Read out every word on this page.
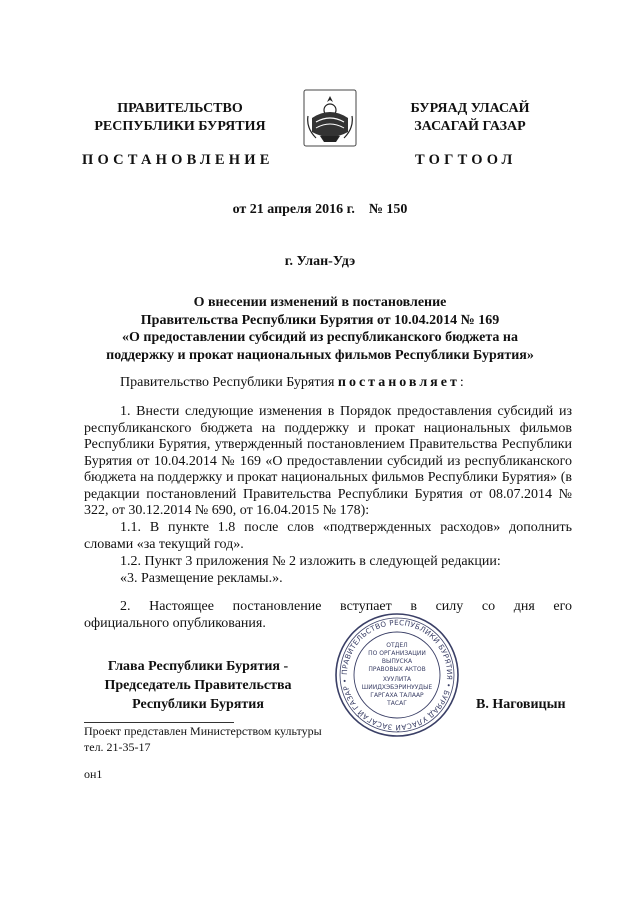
ПРАВИТЕЛЬСТВО
РЕСПУБЛИКИ БУРЯТИЯ
БУРЯАД УЛАСАЙ
ЗАСАГАЙ ГАЗАР
ПОСТАНОВЛЕНИЕ	ТОГТООЛ
от 21 апреля 2016 г.    № 150
г. Улан-Удэ
О внесении изменений в постановление
Правительства Республики Бурятия от 10.04.2014 № 169
«О предоставлении субсидий из республиканского бюджета на
поддержку и прокат национальных фильмов Республики Бурятия»
Правительство Республики Бурятия постановляет:
1. Внести следующие изменения в Порядок предоставления субсидий из республиканского бюджета на поддержку и прокат национальных фильмов Республики Бурятия, утвержденный постановлением Правительства Республики Бурятия от 10.04.2014 № 169 «О предоставлении субсидий из республиканского бюджета на поддержку и прокат национальных фильмов Республики Бурятия» (в редакции постановлений Правительства Республики Бурятия от 08.07.2014 № 322, от 30.12.2014 № 690, от 16.04.2015 № 178):
1.1. В пункте 1.8 после слов «подтвержденных расходов» дополнить
словами «за текущий год».
1.2. Пункт 3 приложения № 2 изложить в следующей редакции:
«3. Размещение рекламы.».
2. Настоящее постановление вступает в силу со дня его
официального опубликования.
ПРАВИТЕЛЬСТВО РЕСПУБЛИКИ БУРЯТИЯ • БУРЯАД УЛАСАЙ ЗАСАГАЙ ГАЗАР •
ОТДЕЛ
ПО ОРГАНИЗАЦИИ
ВЫПУСКА
ПРАВОВЫХ АКТОВ
ХУУЛИТА
ШИИДХЭБЭРИНУУДЫЕ
ГАРГАХА ТАЛААР
ТАСАГ
Глава Республики Бурятия -
Председатель Правительства
Республики Бурятия	В. Наговицын
Проект представлен Министерством культуры
тел. 21-35-17
он1
